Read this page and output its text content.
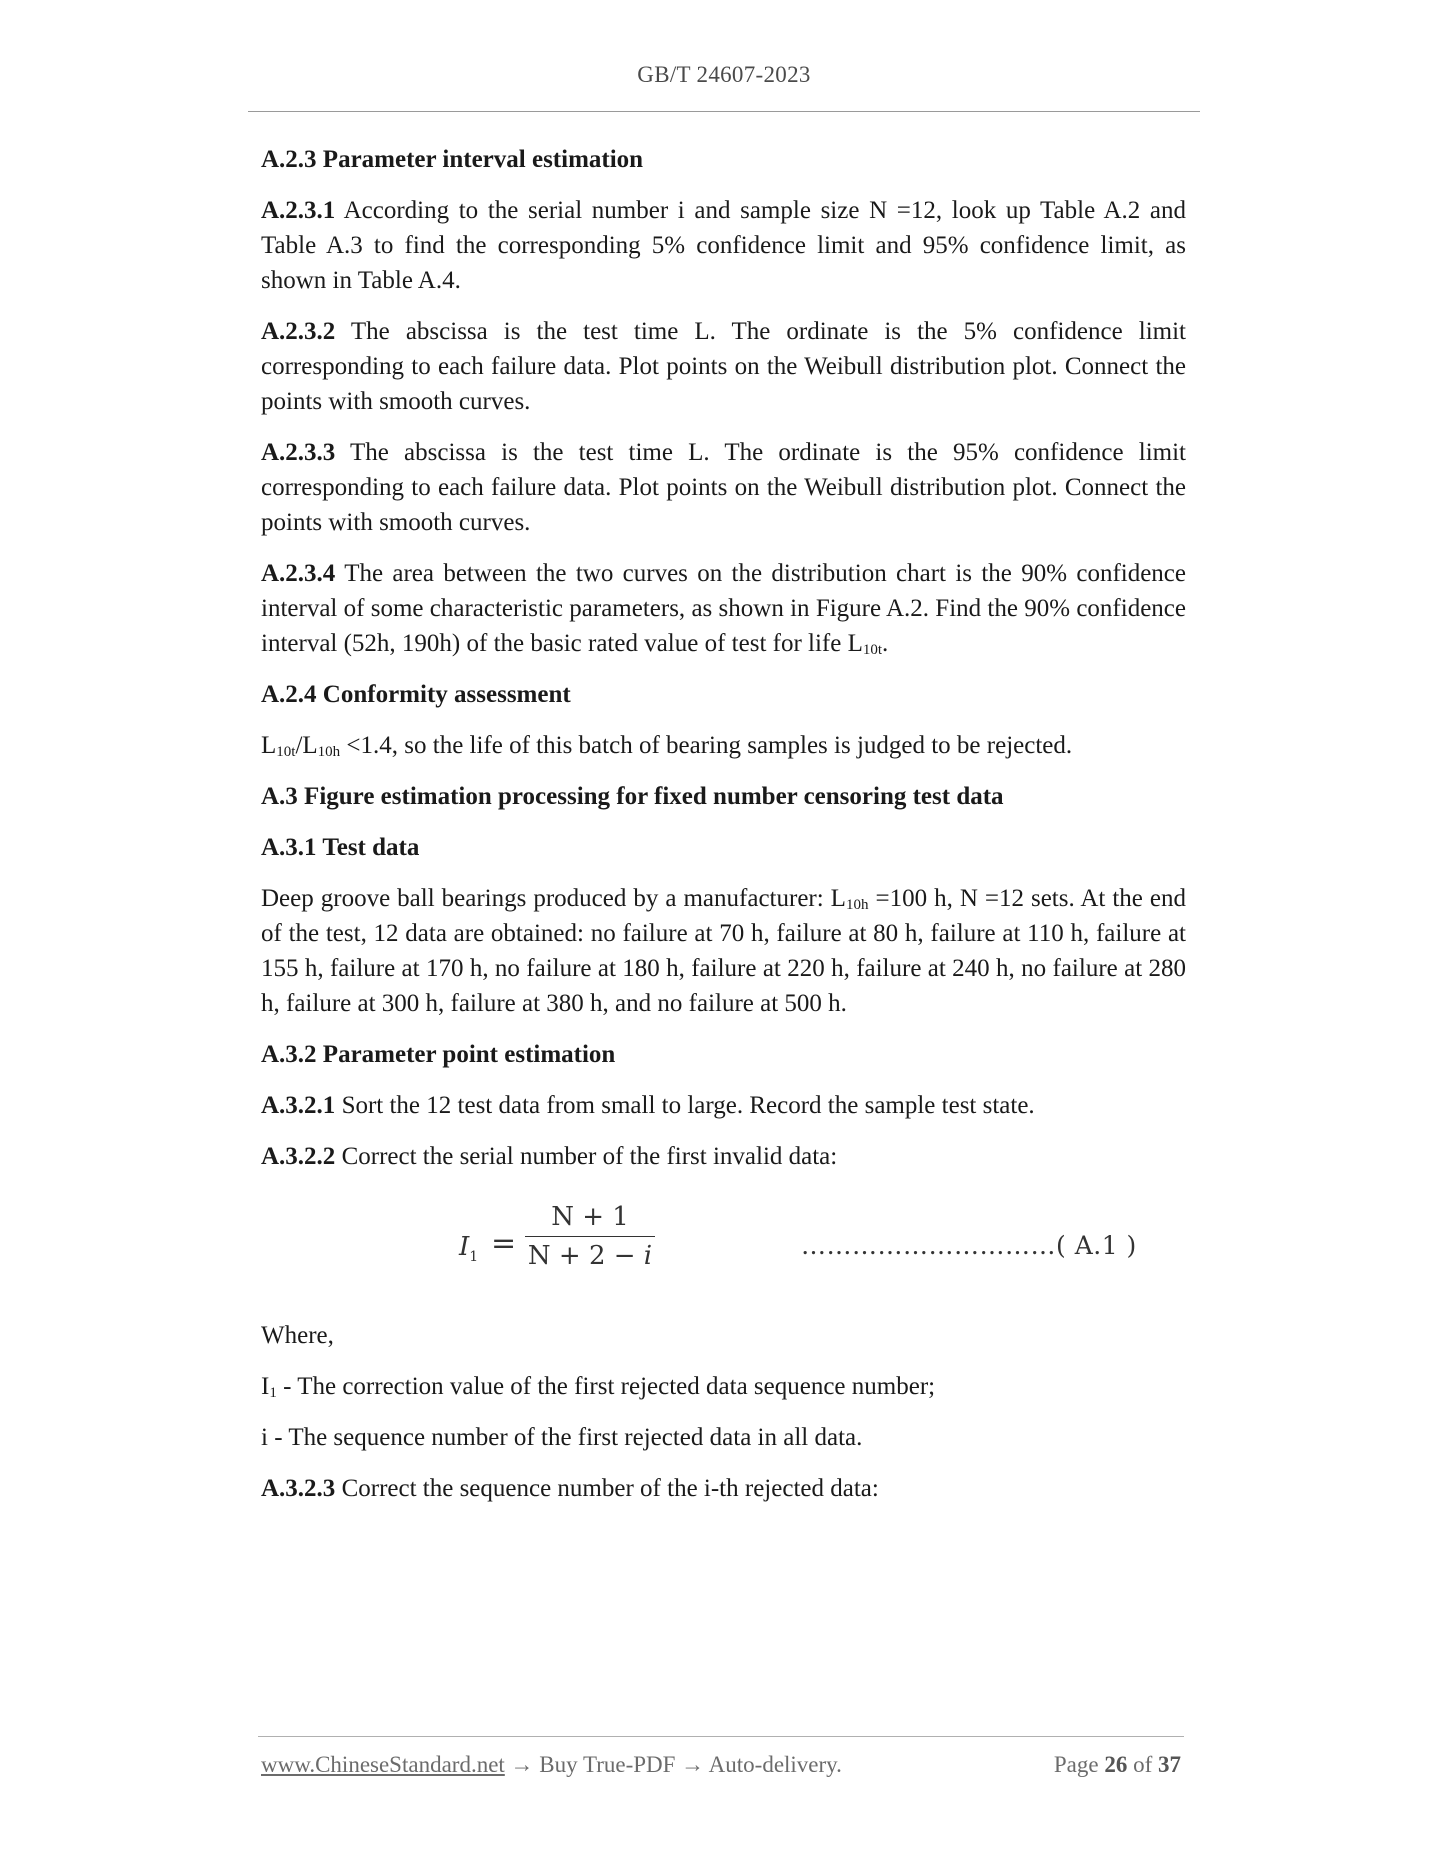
GB/T 24607-2023

A.2.3 Parameter interval estimation

A.2.3.1 According to the serial number i and sample size N =12, look up Table A.2 and Table A.3 to find the corresponding 5% confidence limit and 95% confidence limit, as shown in Table A.4.

A.2.3.2 The abscissa is the test time L. The ordinate is the 5% confidence limit corresponding to each failure data. Plot points on the Weibull distribution plot. Connect the points with smooth curves.

A.2.3.3 The abscissa is the test time L. The ordinate is the 95% confidence limit corresponding to each failure data. Plot points on the Weibull distribution plot. Connect the points with smooth curves.

A.2.3.4 The area between the two curves on the distribution chart is the 90% confidence interval of some characteristic parameters, as shown in Figure A.2. Find the 90% confidence interval (52h, 190h) of the basic rated value of test for life $L_{10t}$.

A.2.4 Conformity assessment

$L_{10t}/L_{10h} <1.4$, so the life of this batch of bearing samples is judged to be rejected.

A.3 Figure estimation processing for fixed number censoring test data

A.3.1 Test data

Deep groove ball bearings produced by a manufacturer: $L_{10h} =100$ h, N =12 sets. At the end of the test, 12 data are obtained: no failure at 70 h, failure at 80 h, failure at 110 h, failure at 155 h, failure at 170 h, no failure at 180 h, failure at 220 h, failure at 240 h, no failure at 280 h, failure at 300 h, failure at 380 h, and no failure at 500 h.

A.3.2 Parameter point estimation

A.3.2.1 Sort the 12 test data from small to large. Record the sample test state.

A.3.2.2 Correct the serial number of the first invalid data:

$I_1$ =
N + 1
N + 2 − i	…………………………( A.1 )

Where,

$I_1$ - The correction value of the first rejected data sequence number;

i - The sequence number of the first rejected data in all data.

A.3.2.3 Correct the sequence number of the i-th rejected data:

www.ChineseStandard.net → Buy True-PDF → Auto-delivery.	Page 26 of 37
